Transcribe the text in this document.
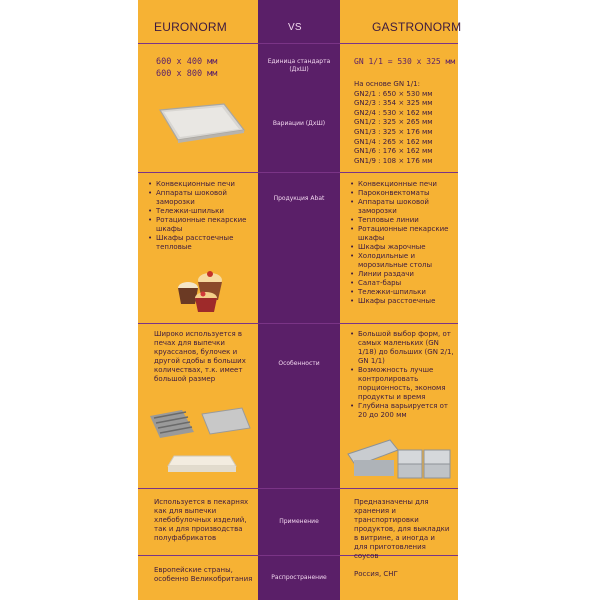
EURONORM	VS	GASTRONORM
Единица стандарта (ДхШ)
600 x 400 мм
600 x 800 мм
GN 1/1 = 530 x 325 мм
Вариации (ДхШ)
На основе GN 1/1:
GN2/1 : 650 × 530 мм
GN2/3 : 354 × 325 мм
GN2/4 : 530 × 162 мм
GN1/2 : 325 × 265 мм
GN1/3 : 325 × 176 мм
GN1/4 : 265 × 162 мм
GN1/6 : 176 × 162 мм
GN1/9 : 108 × 176 мм
Продукция Abat
• Конвекционные печи
• Аппараты шоковой заморозки
• Тележки-шпильки
• Ротационные пекарские шкафы
• Шкафы расстоечные тепловые
• Конвекционные печи
• Пароконвектоматы
• Аппараты шоковой заморозки
• Тепловые линии
• Ротационные пекарские шкафы
• Шкафы жарочные
• Холодильные и морозильные столы
• Линии раздачи
• Салат-бары
• Тележки-шпильки
• Шкафы расстоечные
Особенности
Широко используется в печах для выпечки круассанов, булочек и другой сдобы в больших количествах, т.к. имеет большой размер
• Большой выбор форм, от самых маленьких (GN 1/18) до больших (GN 2/1, GN 1/1)
• Возможность лучше контролировать порционность, экономя продукты и время
• Глубина варьируется от 20 до 200 мм
Применение
Используется в пекарнях как для выпечки хлебобулочных изделий, так и для производства полуфабрикатов
Предназначены для хранения и транспортировки продуктов, для выкладки в витрине, а иногда и для приготовления соусов
Распространение
Европейские страны, особенно Великобритания
Россия, СНГ
